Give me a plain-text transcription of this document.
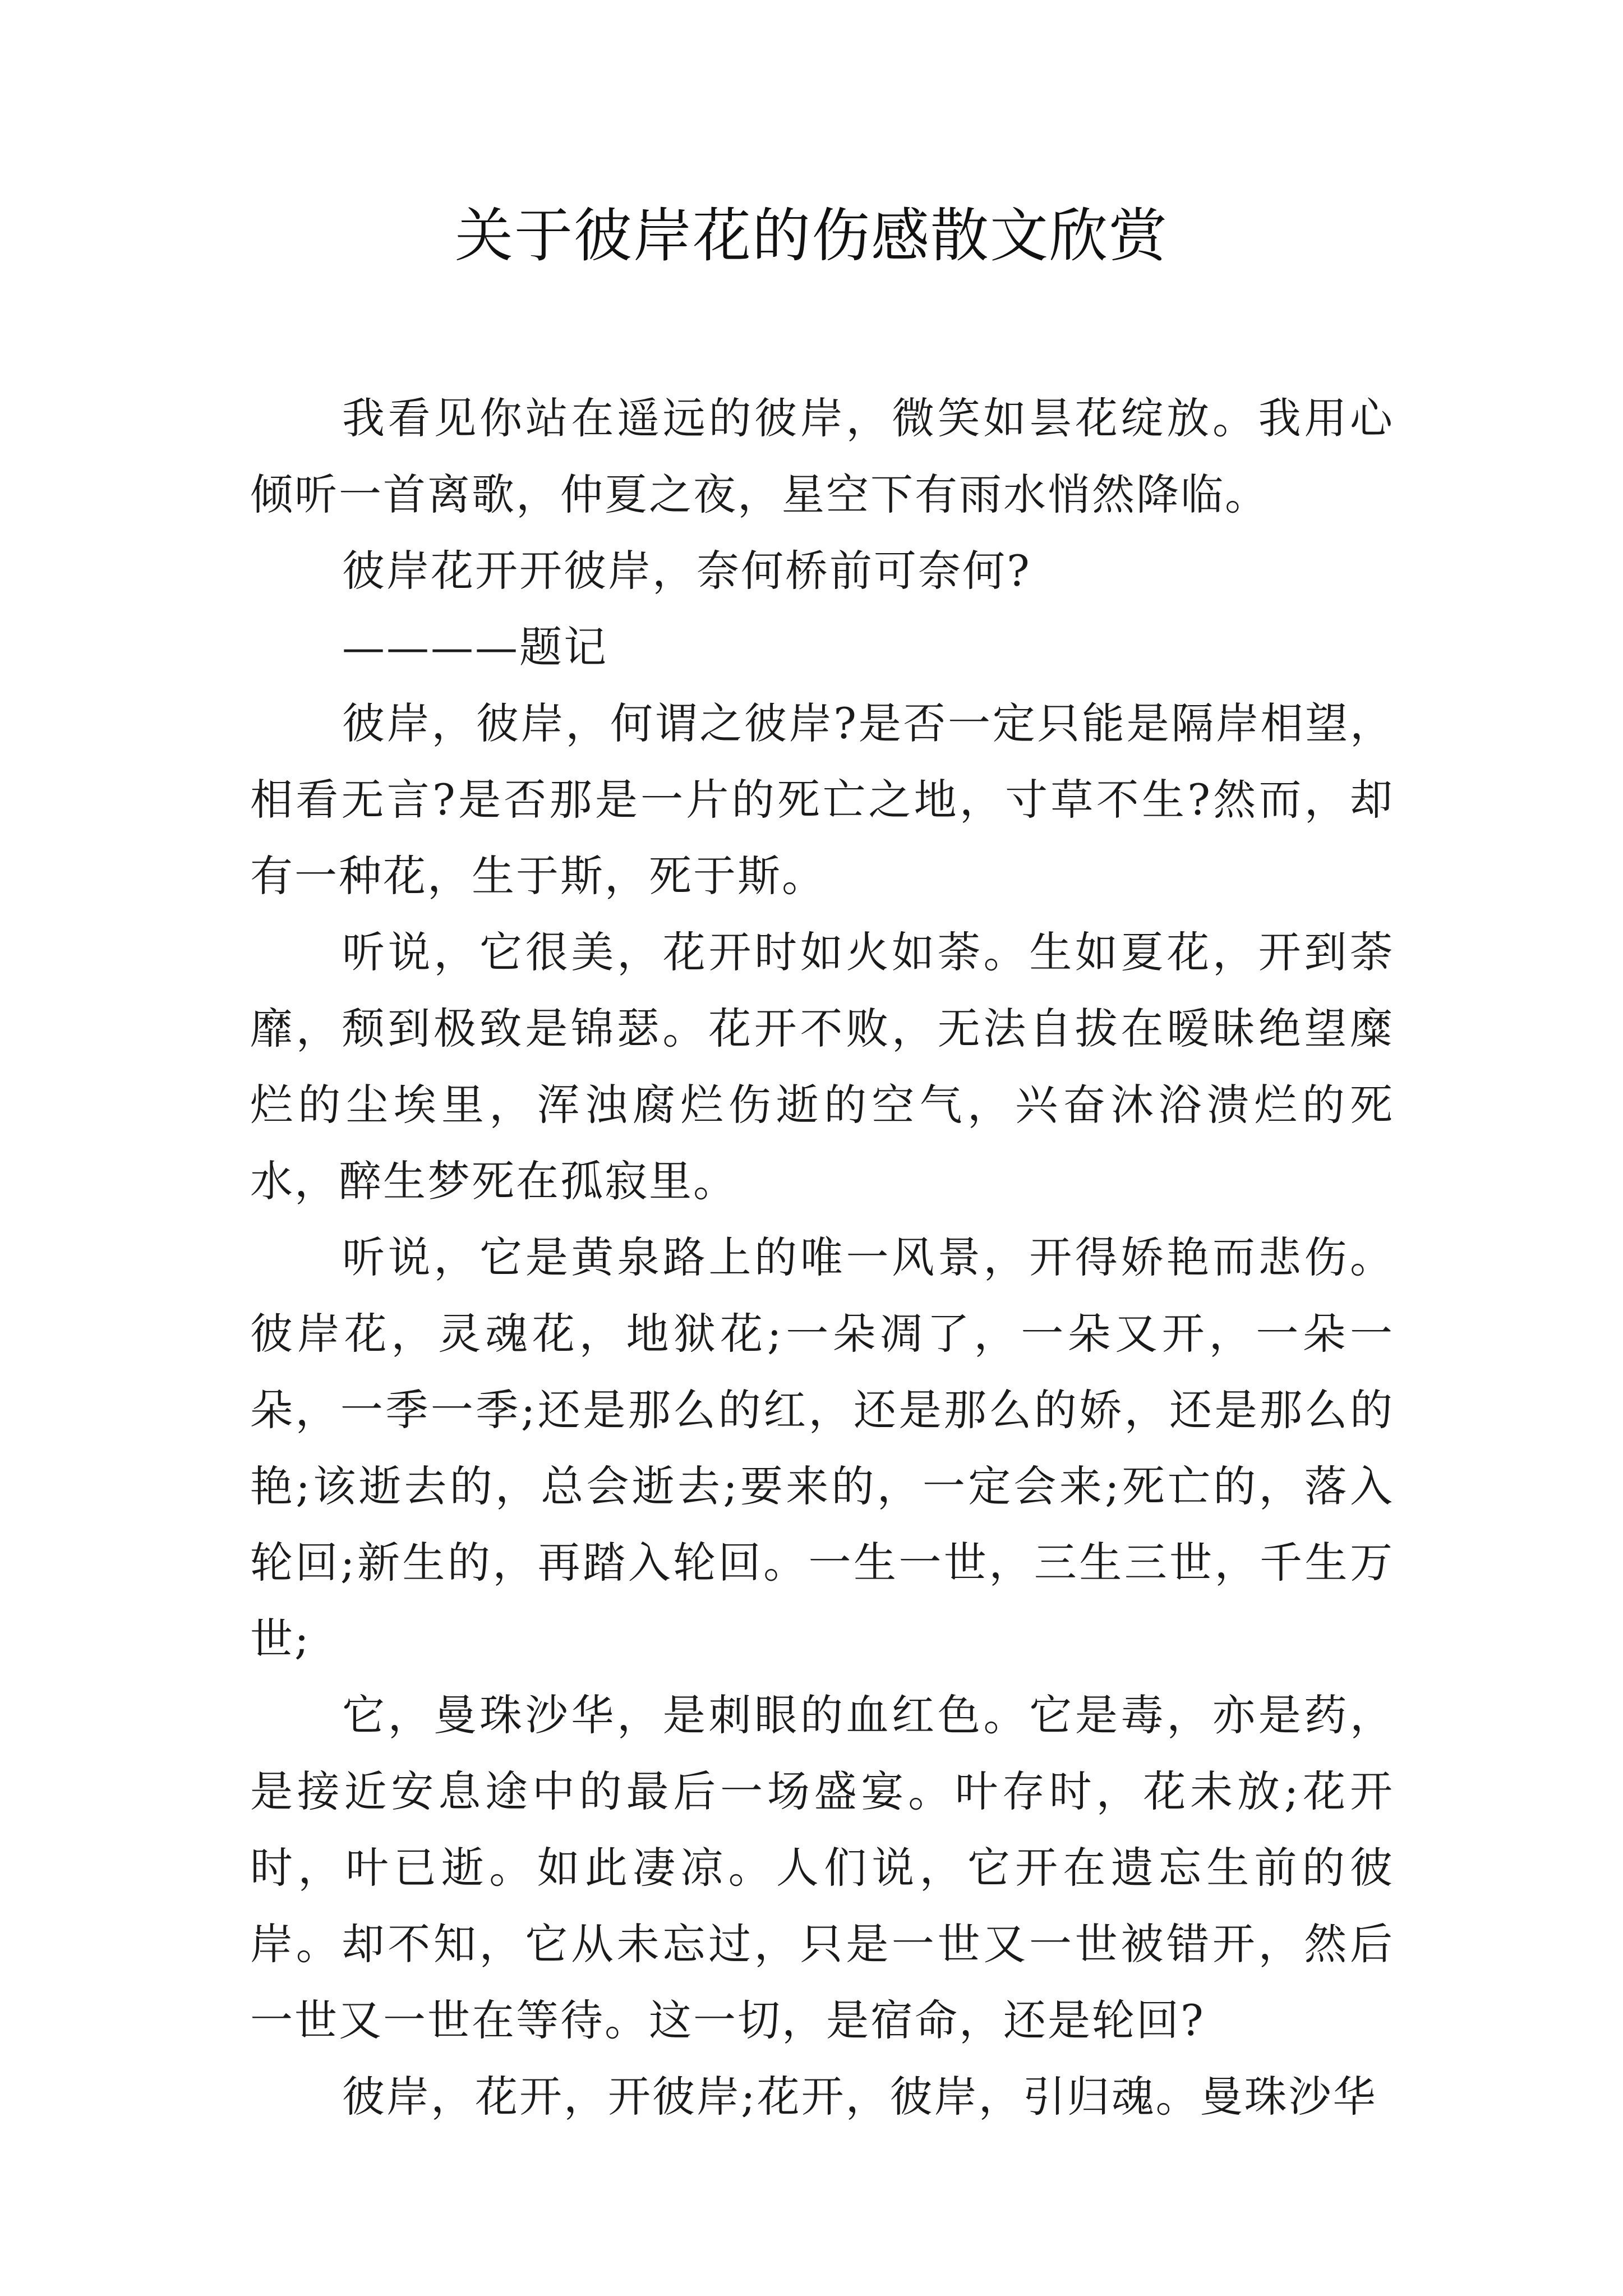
关于彼岸花的伤感散文欣赏

我看见你站在遥远的彼岸，微笑如昙花绽放。我用心倾听一首离歌，仲夏之夜，星空下有雨水悄然降临。

彼岸花开开彼岸，奈何桥前可奈何?

————题记

彼岸，彼岸，何谓之彼岸?是否一定只能是隔岸相望，相看无言?是否那是一片的死亡之地，寸草不生?然而，却有一种花，生于斯，死于斯。

听说，它很美，花开时如火如荼。生如夏花，开到荼靡，颓到极致是锦瑟。花开不败，无法自拔在暧昧绝望糜烂的尘埃里，浑浊腐烂伤逝的空气，兴奋沐浴溃烂的死水，醉生梦死在孤寂里。

听说，它是黄泉路上的唯一风景，开得娇艳而悲伤。彼岸花，灵魂花，地狱花;一朵凋了，一朵又开，一朵一朵，一季一季;还是那么的红，还是那么的娇，还是那么的艳;该逝去的，总会逝去;要来的，一定会来;死亡的，落入轮回;新生的，再踏入轮回。一生一世，三生三世，千生万世;

它，曼珠沙华，是刺眼的血红色。它是毒，亦是药，是接近安息途中的最后一场盛宴。叶存时，花未放;花开时，叶已逝。如此凄凉。人们说，它开在遗忘生前的彼岸。却不知，它从未忘过，只是一世又一世被错开，然后一世又一世在等待。这一切，是宿命，还是轮回?

彼岸，花开，开彼岸;花开，彼岸，引归魂。曼珠沙华
